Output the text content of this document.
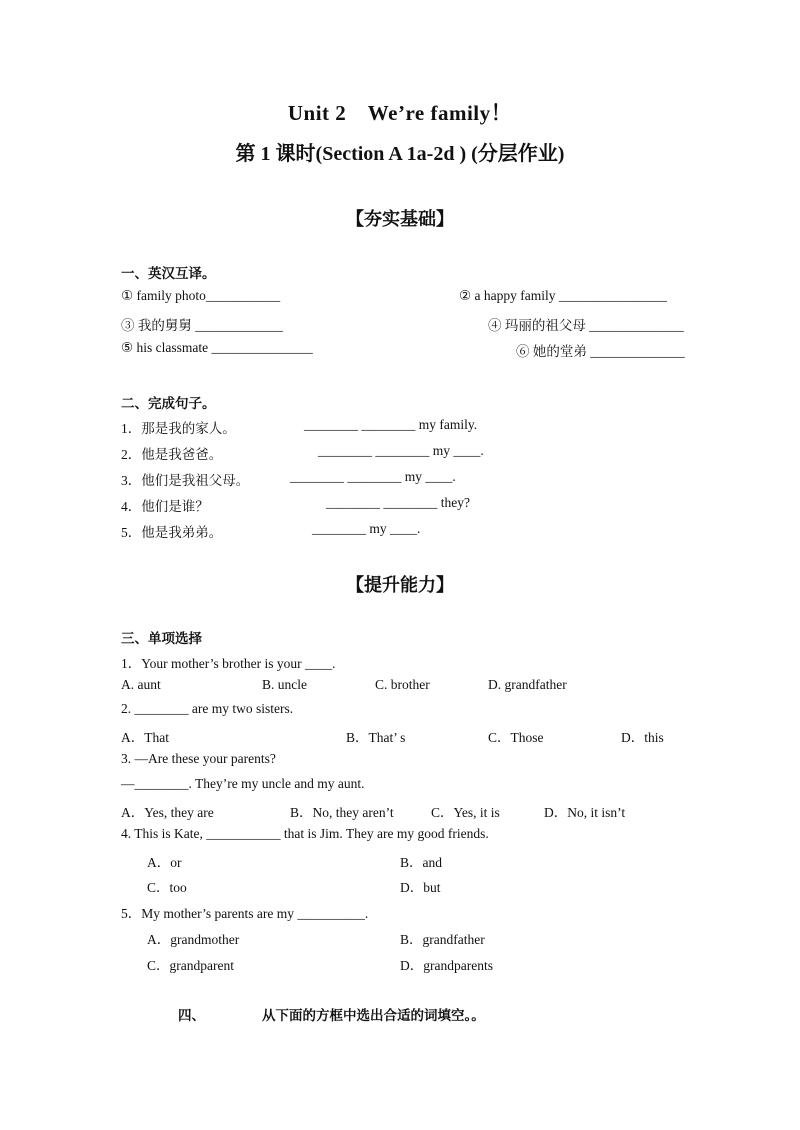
Unit 2　We’re family！
第 1 课时(Section A 1a-2d ) (分层作业)
【夯实基础】
一、英汉互译。
① family photo___________	② a happy family ________________
③ 我的舅舅 _____________	④ 玛丽的祖父母 ______________
⑤ his classmate _______________	⑥ 她的堂弟 ______________
二、完成句子。
1．那是我的家人。	________ ________ my family.
2．他是我爸爸。	________ ________ my ____.
3．他们是我祖父母。	________ ________ my ____.
4．他们是谁？	________ ________ they?
5．他是我弟弟。	________ my ____.
【提升能力】
三、单项选择
1．Your mother’s brother is your ____.
A. aunt	B. uncle	C. brother	D. grandfather
2. ________ are my two sisters.
A．That	B．That’ s	C．Those	D．this
3. —Are these your parents?
—________. They’re my uncle and my aunt.
A．Yes, they are	B．No, they aren’t	C．Yes, it is	D．No, it isn’t
4. This is Kate, ___________ that is Jim. They are my good friends.
A．or	B．and
C．too	D．but
5．My mother’s parents are my __________.
A．grandmother	B．grandfather
C．grandparent	D．grandparents
四、	从下面的方框中选出合适的词填空。。
